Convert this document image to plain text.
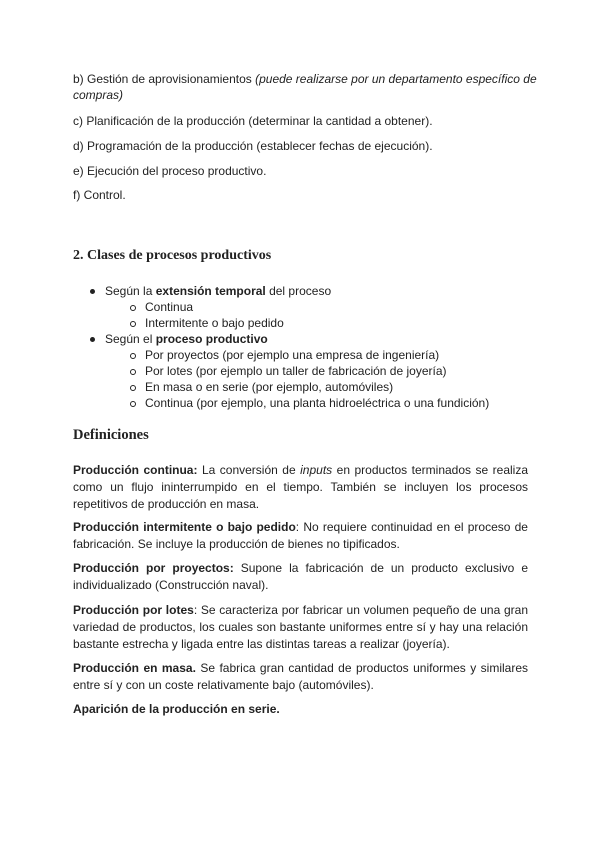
b) Gestión de aprovisionamientos (puede realizarse por un departamento específico de compras)

c) Planificación de la producción (determinar la cantidad a obtener).

d) Programación de la producción (establecer fechas de ejecución).

e) Ejecución del proceso productivo.

f) Control.

2. Clases de procesos productivos
Según la extensión temporal del proceso
Continua
Intermitente o bajo pedido
Según el proceso productivo
Por proyectos (por ejemplo una empresa de ingeniería)
Por lotes (por ejemplo un taller de fabricación de joyería)
En masa o en serie (por ejemplo, automóviles)
Continua (por ejemplo, una planta hidroeléctrica o una fundición)
Definiciones

Producción continua: La conversión de inputs en productos terminados se realiza como un flujo ininterrumpido en el tiempo. También se incluyen los procesos repetitivos de producción en masa.

Producción intermitente o bajo pedido: No requiere continuidad en el proceso de fabricación. Se incluye la producción de bienes no tipificados.

Producción por proyectos: Supone la fabricación de un producto exclusivo e individualizado (Construcción naval).

Producción por lotes: Se caracteriza por fabricar un volumen pequeño de una gran variedad de productos, los cuales son bastante uniformes entre sí y hay una relación bastante estrecha y ligada entre las distintas tareas a realizar (joyería).

Producción en masa. Se fabrica gran cantidad de productos uniformes y similares entre sí y con un coste relativamente bajo (automóviles).

Aparición de la producción en serie.
